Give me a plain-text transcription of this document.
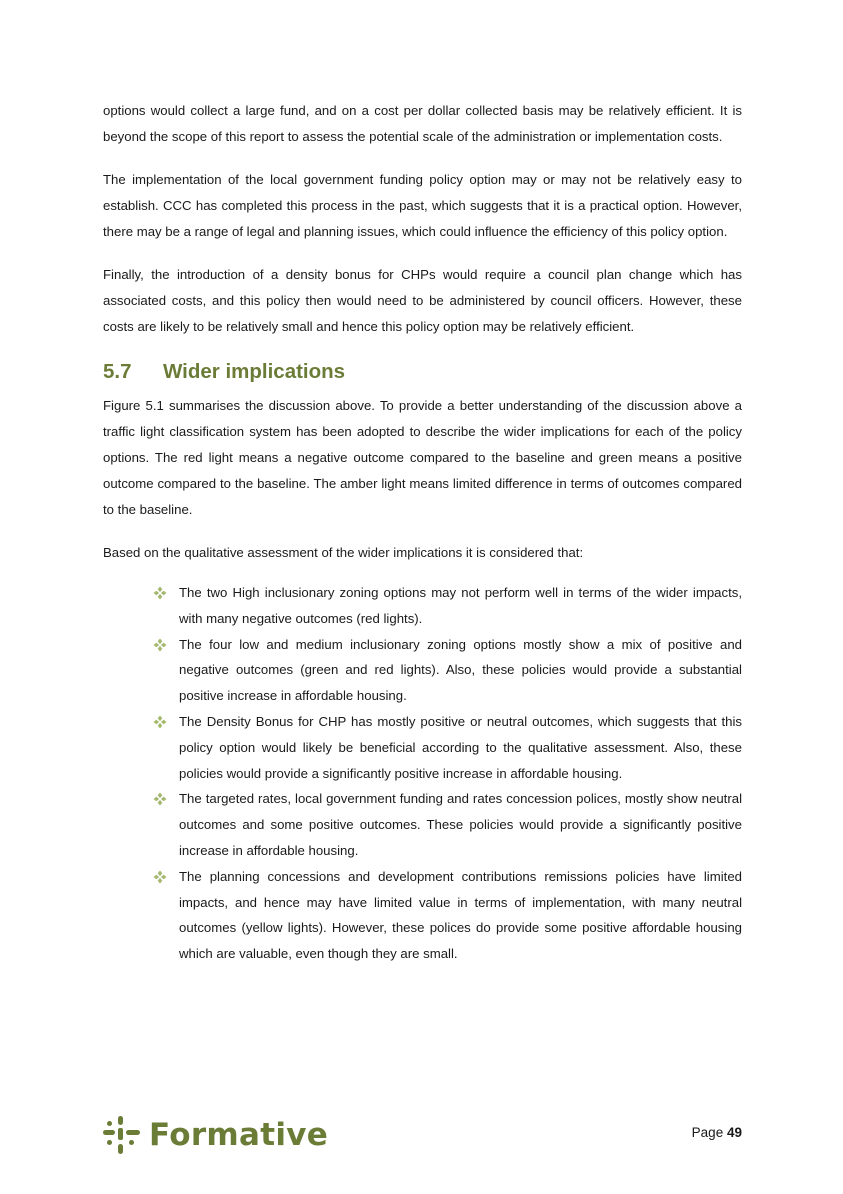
options would collect a large fund, and on a cost per dollar collected basis may be relatively efficient. It is beyond the scope of this report to assess the potential scale of the administration or implementation costs.

The implementation of the local government funding policy option may or may not be relatively easy to establish. CCC has completed this process in the past, which suggests that it is a practical option. However, there may be a range of legal and planning issues, which could influence the efficiency of this policy option.

Finally, the introduction of a density bonus for CHPs would require a council plan change which has associated costs, and this policy then would need to be administered by council officers. However, these costs are likely to be relatively small and hence this policy option may be relatively efficient.

5.7	Wider implications

Figure 5.1 summarises the discussion above. To provide a better understanding of the discussion above a traffic light classification system has been adopted to describe the wider implications for each of the policy options. The red light means a negative outcome compared to the baseline and green means a positive outcome compared to the baseline. The amber light means limited difference in terms of outcomes compared to the baseline.

Based on the qualitative assessment of the wider implications it is considered that:

The two High inclusionary zoning options may not perform well in terms of the wider impacts, with many negative outcomes (red lights).
The four low and medium inclusionary zoning options mostly show a mix of positive and negative outcomes (green and red lights). Also, these policies would provide a substantial positive increase in affordable housing.
The Density Bonus for CHP has mostly positive or neutral outcomes, which suggests that this policy option would likely be beneficial according to the qualitative assessment. Also, these policies would provide a significantly positive increase in affordable housing.
The targeted rates, local government funding and rates concession polices, mostly show neutral outcomes and some positive outcomes. These policies would provide a significantly positive increase in affordable housing.
The planning concessions and development contributions remissions policies have limited impacts, and hence may have limited value in terms of implementation, with many neutral outcomes (yellow lights). However, these polices do provide some positive affordable housing which are valuable, even though they are small.
Formative	Page 49
